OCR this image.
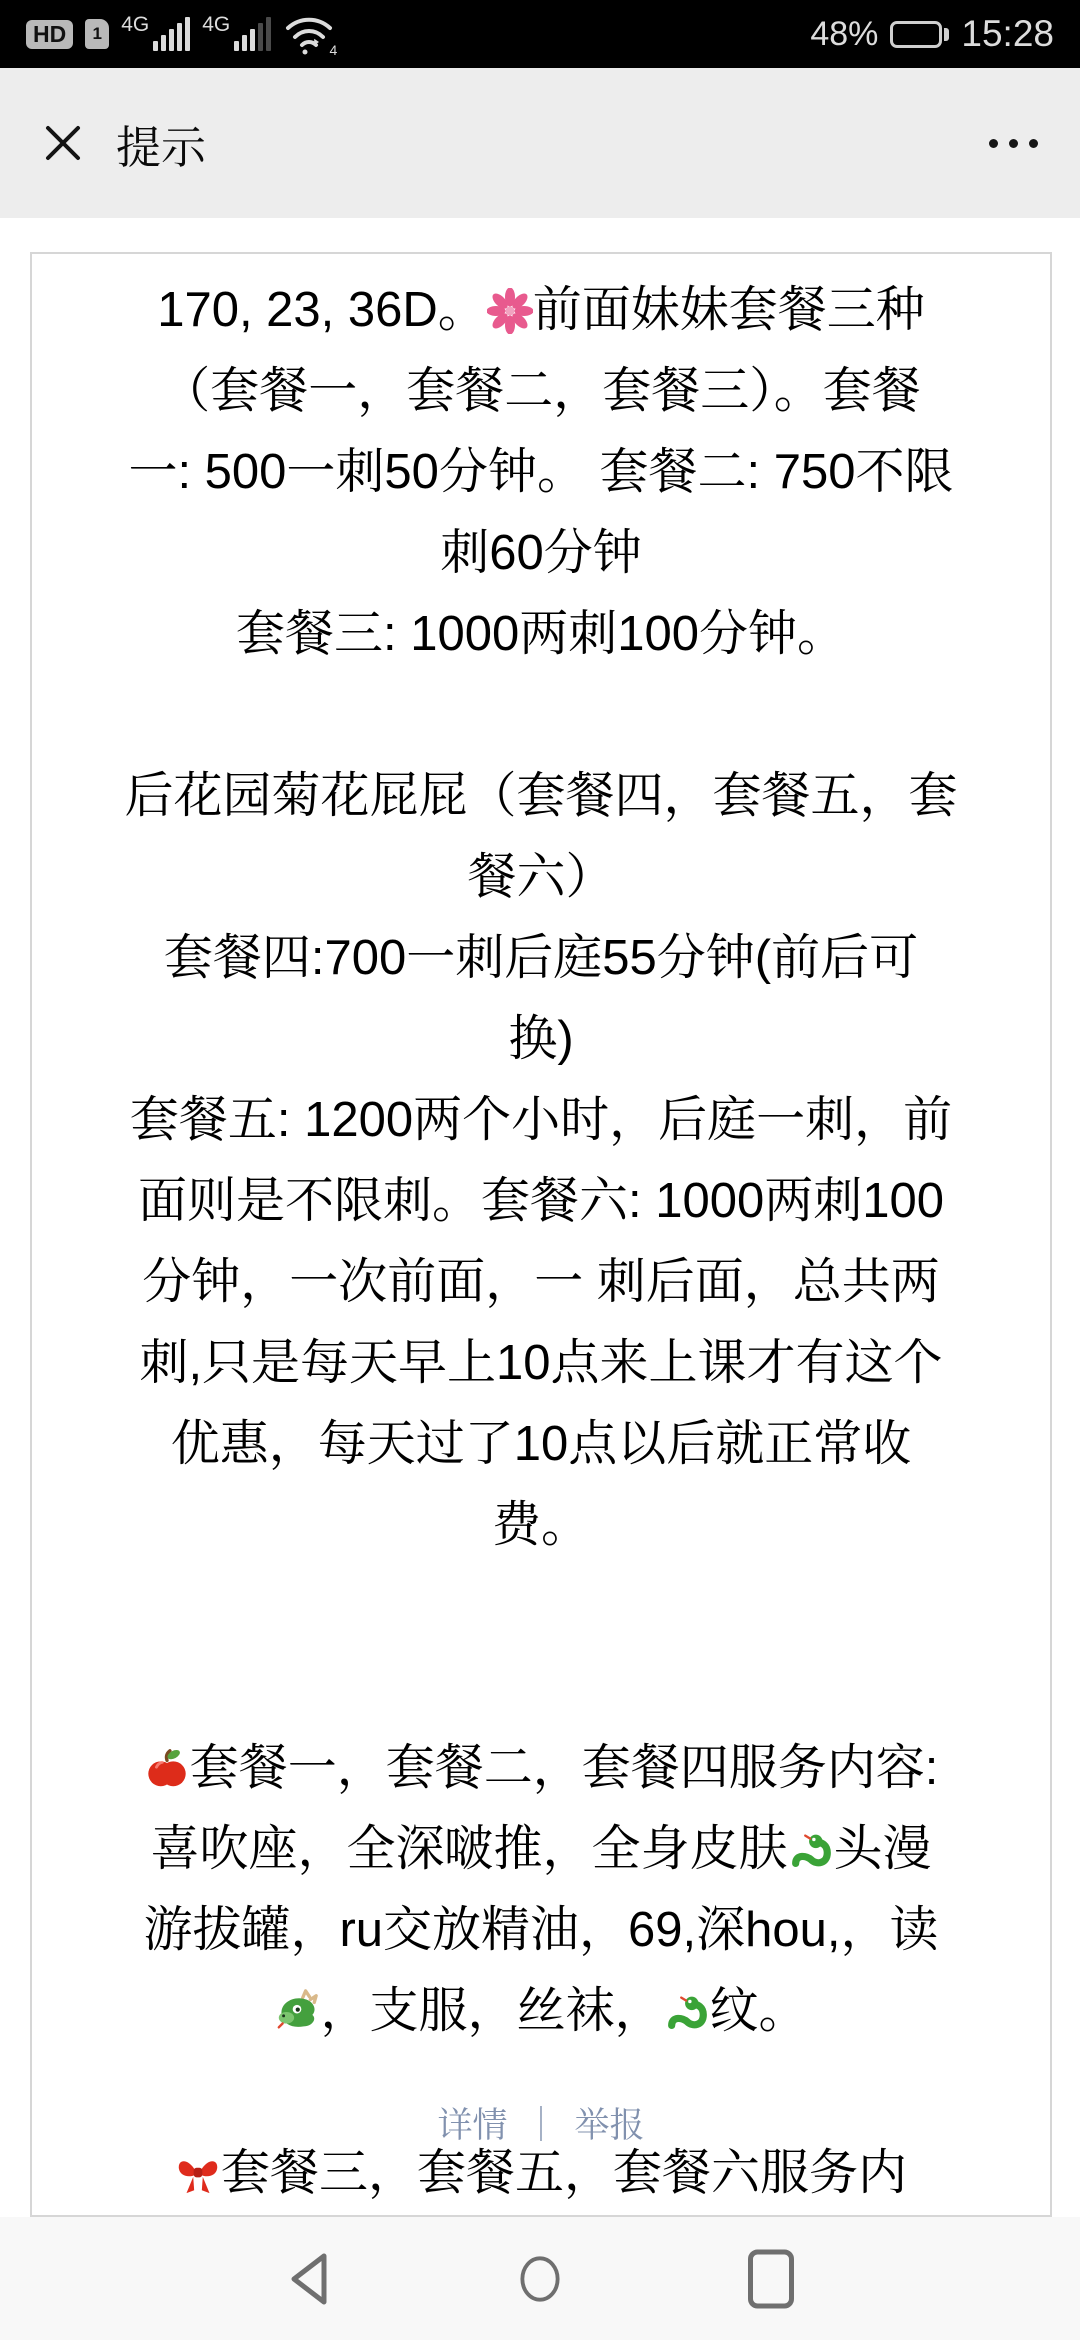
HD	1 4G	4G
4	48% 15:28
提示
详情 ｜ 举报
170, 23, 36D。 前面妹妹套餐三种
（套餐一，套餐二，套餐三）。套餐
一: 500一刺50分钟。 套餐二: 750不限
刺60分钟
套餐三: 1000两刺100分钟。

后花园菊花屁屁（套餐四，套餐五，套
餐六）
套餐四:700一刺后庭55分钟(前后可
换)
套餐五: 1200两个小时，后庭一刺，前
面则是不限刺。套餐六: 1000两刺100
分钟，一次前面，一 刺后面，总共两
刺,只是每天早上10点来上课才有这个
优惠，每天过了10点以后就正常收
费。

套餐一，套餐二，套餐四服务内容:
喜吹座，全深啵推，全身皮肤 头漫
游拔罐，ru交放精油，69,深hou,，读
，支服，丝袜， 纹。

套餐三，套餐五，套餐六服务内
